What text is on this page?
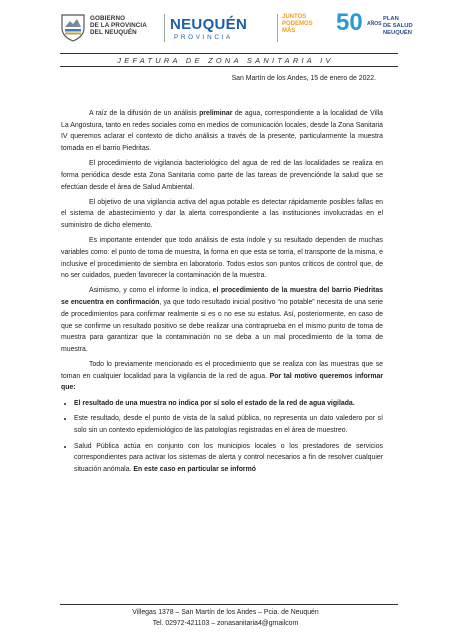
GOBIERNO
DE LA PROVINCIA
DEL NEUQUÉN	NEUQUÉN
PROVINCIA
JUNTOS
PODEMOS
MÁS	50 AÑOS
PLAN
DE SALUD
NEUQUÉN
JEFATURA DE ZONA SANITARIA IV
San Martín de los Andes, 15 de enero de 2022.

A raíz de la difusión de un análisis preliminar de agua, correspondiente a la localidad de Villa La Angostura, tanto en redes sociales como en medios de comunicación locales, desde la Zona Sanitaria IV queremos aclarar el contexto de dicho análisis a través de la presente, particularmente la muestra tomada en el barrio Piedritas.

El procedimiento de vigilancia bacteriológico del agua de red de las localidades se realiza en forma periódica desde esta Zona Sanitaria como parte de las tareas de prevencióndе la salud que se efectúan desde el área de Salud Ambiental.

El objetivo de una vigilancia activa del agua potable es detectar rápidamente posibles fallas en el sistema de abastecimiento y dar la alerta correspondiente a las instituciones involucradas en el suministro de dicho elemento.

Es importante entender que todo análisis de esta índole y su resultado dependen de muchas variables como: el punto de toma de muestra, la forma en que esta se toma, el transporte de la misma, e inclusive el procedimiento de siembra en laboratorio. Todos estos son puntos críticos de control que, de no ser cuidados, pueden favorecer la contaminación de la muestra.

Asimismo, y como el informe lo indica, el procedimiento de la muestra del barrio Piedritas se encuentra en confirmación, ya que todo resultado inicial positivo “no potable” necesita de una serie de procedimientos para confirmar realmente si es o no ese su estatus. Así, posteriormente, en caso de que se confirme un resultado positivo se debe realizar una contraprueba en el mismo punto de toma de muestra para garantizar que la contaminación no se deba a un mal procedimiento de la toma de muestra.

Todo lo previamente mencionado es el procedimiento que se realiza con las muestras que se toman en cualquier localidad para la vigilancia de la red de agua. Por tal motivo queremos informar que:

• El resultado de una muestra no indica por sí solo el estado de la red de agua vigilada.
• Este resultado, desde el punto de vista de la salud pública, no representa un dato valedero por sí solo sin un contexto epidemiológico de las patologías registradas en el área de muestreo.
• Salud Pública actúa en conjunto con los municipios locales o los prestadores de servicios correspondientes para activar los sistemas de alerta y control necesarios a fin de resolver cualquier situación anómala. En este caso en particular se informó
Villegas 1378 – San Martín de los Andes – Pcia. de Neuquén
Tel. 02972-421103 – zonasanitaria4@gmailcom
